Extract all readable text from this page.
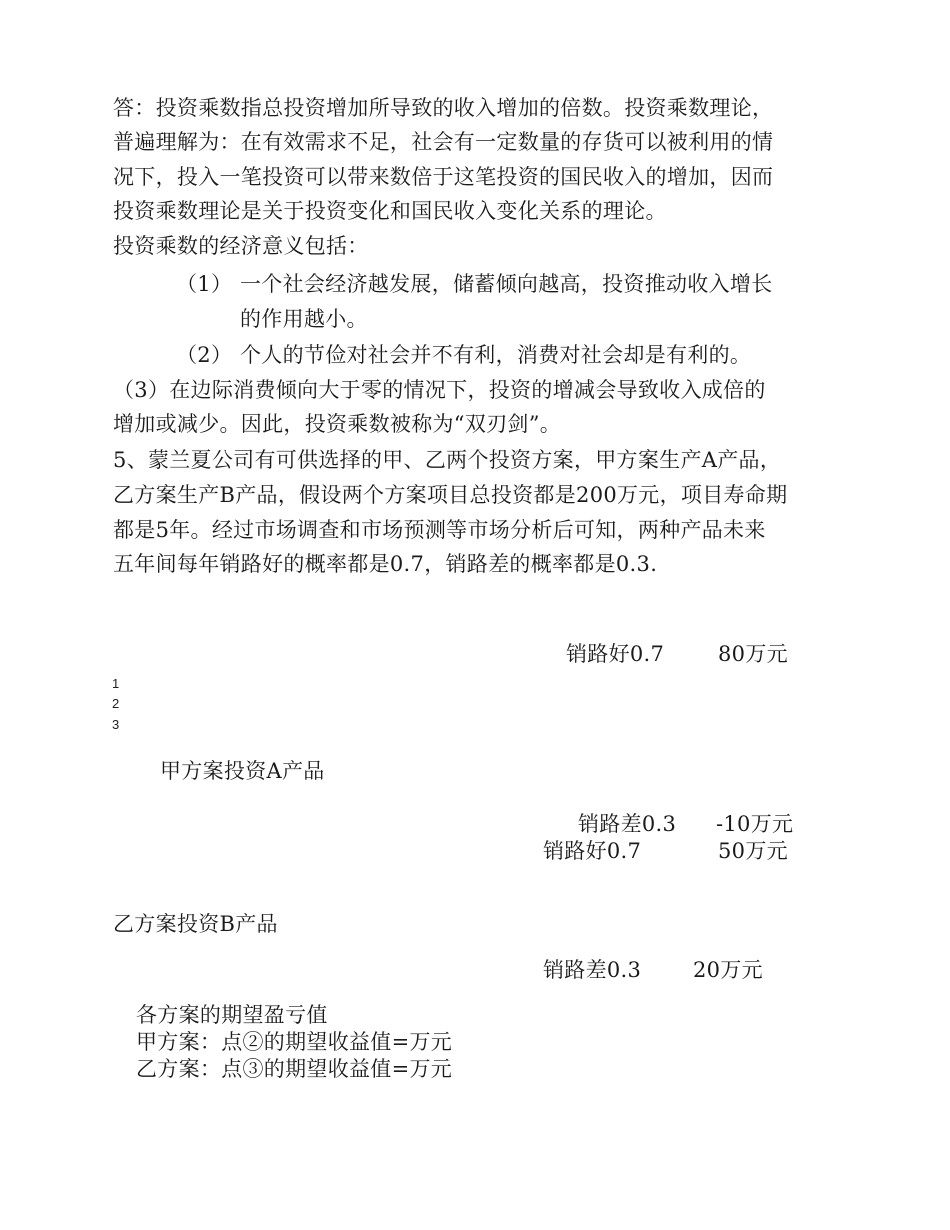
答：投资乘数指总投资增加所导致的收入增加的倍数。投资乘数理论，
普遍理解为：在有效需求不足，社会有一定数量的存货可以被利用的情
况下，投入一笔投资可以带来数倍于这笔投资的国民收入的增加，因而
投资乘数理论是关于投资变化和国民收入变化关系的理论。
投资乘数的经济意义包括：
（1） 一个社会经济越发展，储蓄倾向越高，投资推动收入增长
的作用越小。
（2） 个人的节俭对社会并不有利，消费对社会却是有利的。
（3）在边际消费倾向大于零的情况下，投资的增减会导致收入成倍的
增加或减少。因此，投资乘数被称为“双刃剑”。
5、蒙兰夏公司有可供选择的甲、乙两个投资方案，甲方案生产A产品，
乙方案生产B产品，假设两个方案项目总投资都是200万元，项目寿命期
都是5年。经过市场调查和市场预测等市场分析后可知，两种产品未来
五年间每年销路好的概率都是0.7，销路差的概率都是0.3.
销路好0.7	80万元
1
2
3
甲方案投资A产品
销路差0.3 -10万元
销路好0.7	50万元
乙方案投资B产品
销路差0.3 20万元
各方案的期望盈亏值
甲方案：点②的期望收益值=万元
乙方案：点③的期望收益值=万元
